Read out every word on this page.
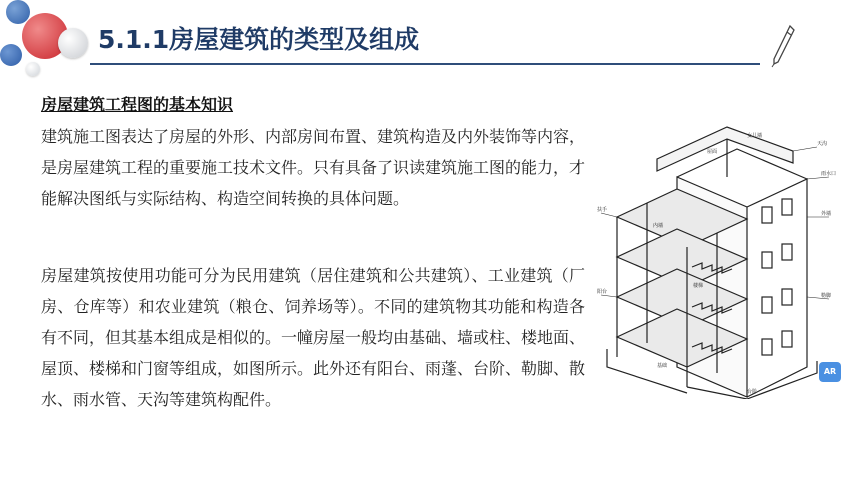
5.1.1房屋建筑的类型及组成
房屋建筑工程图的基本知识

建筑施工图表达了房屋的外形、内部房间布置、建筑构造及内外装饰等内容，是房屋建筑工程的重要施工技术文件。只有具备了识读建筑施工图的能力，才能解决图纸与实际结构、构造空间转换的具体问题。

房屋建筑按使用功能可分为民用建筑（居住建筑和公共建筑）、工业建筑（厂房、仓库等）和农业建筑（粮仓、饲养场等）。不同的建筑物其功能和构造各有不同，但其基本组成是相似的。一幢房屋一般均由基础、墙或柱、楼地面、屋顶、楼梯和门窗等组成，如图所示。此外还有阳台、雨蓬、台阶、勒脚、散水、雨水管、天沟等建筑构配件。

女儿墙
屋面
天沟
雨水口
外墙
勒脚
扶手
阳台
内墙
楼梯
基础
台阶
AR
